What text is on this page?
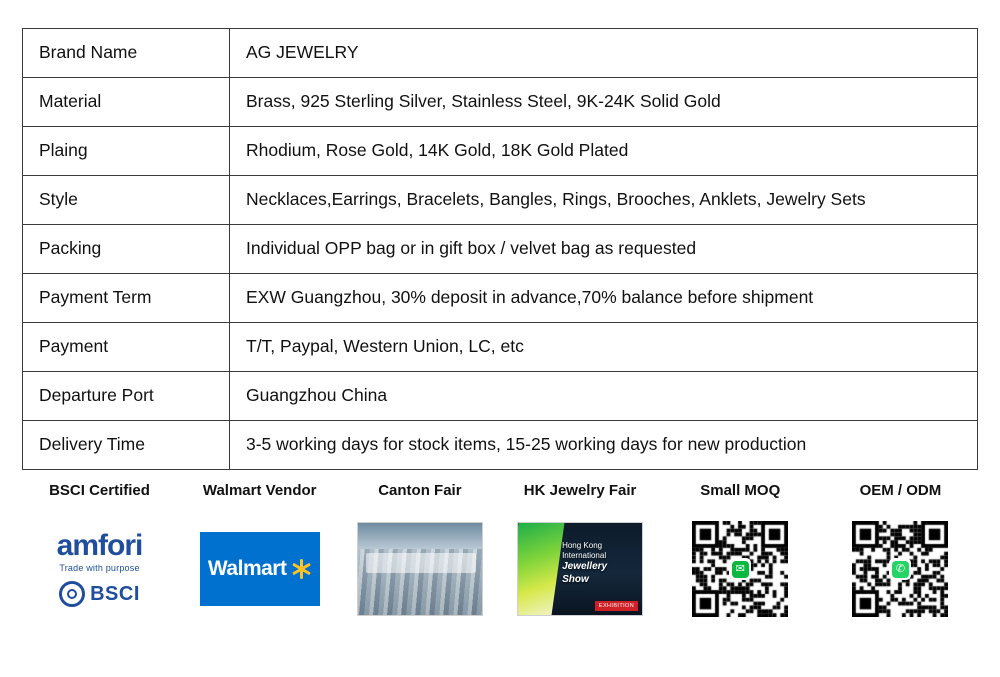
Brand Name	AG JEWELRY
Material	Brass, 925 Sterling Silver, Stainless Steel, 9K-24K Solid Gold
Plaing	Rhodium, Rose Gold, 14K Gold, 18K Gold Plated
Style	Necklaces,Earrings, Bracelets, Bangles, Rings, Brooches, Anklets, Jewelry Sets
Packing	Individual OPP bag or in gift box / velvet bag as requested
Payment Term	EXW Guangzhou, 30% deposit in advance,70% balance before shipment
Payment	T/T, Paypal, Western Union, LC, etc
Departure Port	Guangzhou China
Delivery Time	3-5 working days for stock items, 15-25 working days for new production
BSCI Certified
amfori
Trade with purpose
BSCI
Walmart Vendor
Walmart
Canton Fair	HK Jewelry Fair
Hong Kong International
Jewellery Show
EXHIBITION
Small MOQ
✉
OEM / ODM
✆
